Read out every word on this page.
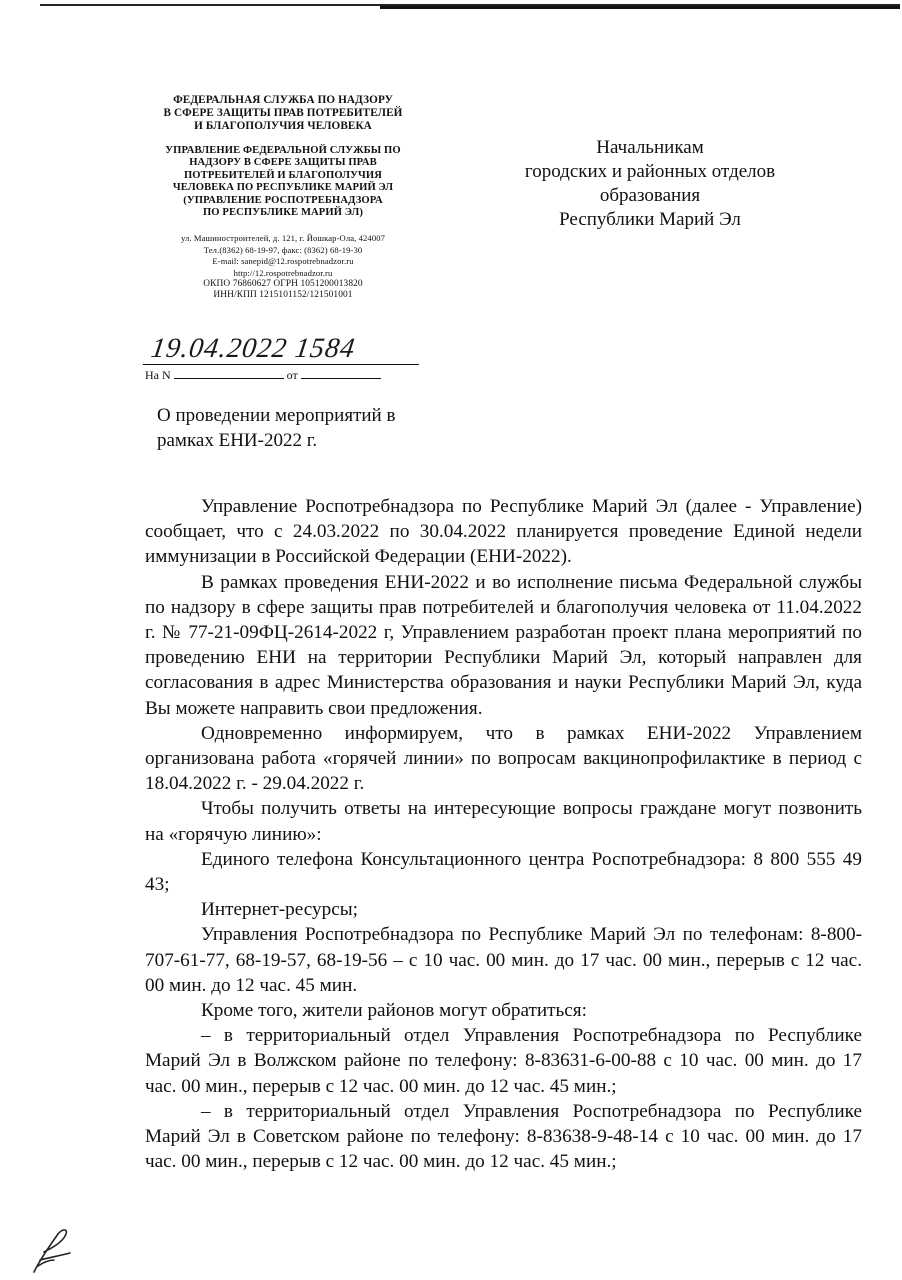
ФЕДЕРАЛЬНАЯ СЛУЖБА ПО НАДЗОРУ
В СФЕРЕ ЗАЩИТЫ ПРАВ ПОТРЕБИТЕЛЕЙ
И БЛАГОПОЛУЧИЯ ЧЕЛОВЕКА
УПРАВЛЕНИЕ ФЕДЕРАЛЬНОЙ СЛУЖБЫ ПО
НАДЗОРУ В СФЕРЕ ЗАЩИТЫ ПРАВ
ПОТРЕБИТЕЛЕЙ И БЛАГОПОЛУЧИЯ
ЧЕЛОВЕКА ПО РЕСПУБЛИКЕ МАРИЙ ЭЛ
(УПРАВЛЕНИЕ РОСПОТРЕБНАДЗОРА
ПО РЕСПУБЛИКЕ МАРИЙ ЭЛ)
ул. Машиностроителей, д. 121, г. Йошкар-Ола, 424007
Тел.(8362) 68-19-97, факс: (8362) 68-19-30
E-mail: sanepid@12.rospotrebnadzor.ru
http://12.rospotrebnadzor.ru
ОКПО 76860627 ОГРН 1051200013820
ИНН/КПП 1215101152/121501001
19.04.2022 1584
На N	от
Начальникам
городских и районных отделов
образования
Республики Марий Эл
О проведении мероприятий в
рамках ЕНИ-2022 г.

Управление Роспотребнадзора по Республике Марий Эл (далее - Управление) сообщает, что с 24.03.2022 по 30.04.2022 планируется проведение Единой недели иммунизации в Российской Федерации (ЕНИ-2022).

В рамках проведения ЕНИ-2022 и во исполнение письма Федеральной службы по надзору в сфере защиты прав потребителей и благополучия человека от 11.04.2022 г. № 77-21-09ФЦ-2614-2022 г, Управлением разработан проект плана мероприятий по проведению ЕНИ на территории Республики Марий Эл, который направлен для согласования в адрес Министерства образования и науки Республики Марий Эл, куда Вы можете направить свои предложения.

Одновременно информируем, что в рамках ЕНИ-2022 Управлением организована работа «горячей линии» по вопросам вакцинопрофилактике в период с 18.04.2022 г. - 29.04.2022 г.

Чтобы получить ответы на интересующие вопросы граждане могут позвонить на «горячую линию»:

Единого телефона Консультационного центра Роспотребнадзора: 8 800 555 49 43;

Интернет-ресурсы;

Управления Роспотребнадзора по Республике Марий Эл по телефонам: 8-800-707-61-77, 68-19-57, 68-19-56 – с 10 час. 00 мин. до 17 час. 00 мин., перерыв с 12 час. 00 мин. до 12 час. 45 мин.

Кроме того, жители районов могут обратиться:

– в территориальный отдел Управления Роспотребнадзора по Республике Марий Эл в Волжском районе по телефону: 8-83631-6-00-88 с 10 час. 00 мин. до 17 час. 00 мин., перерыв с 12 час. 00 мин. до 12 час. 45 мин.;

– в территориальный отдел Управления Роспотребнадзора по Республике Марий Эл в Советском районе по телефону: 8-83638-9-48-14 с 10 час. 00 мин. до 17 час. 00 мин., перерыв с 12 час. 00 мин. до 12 час. 45 мин.;
